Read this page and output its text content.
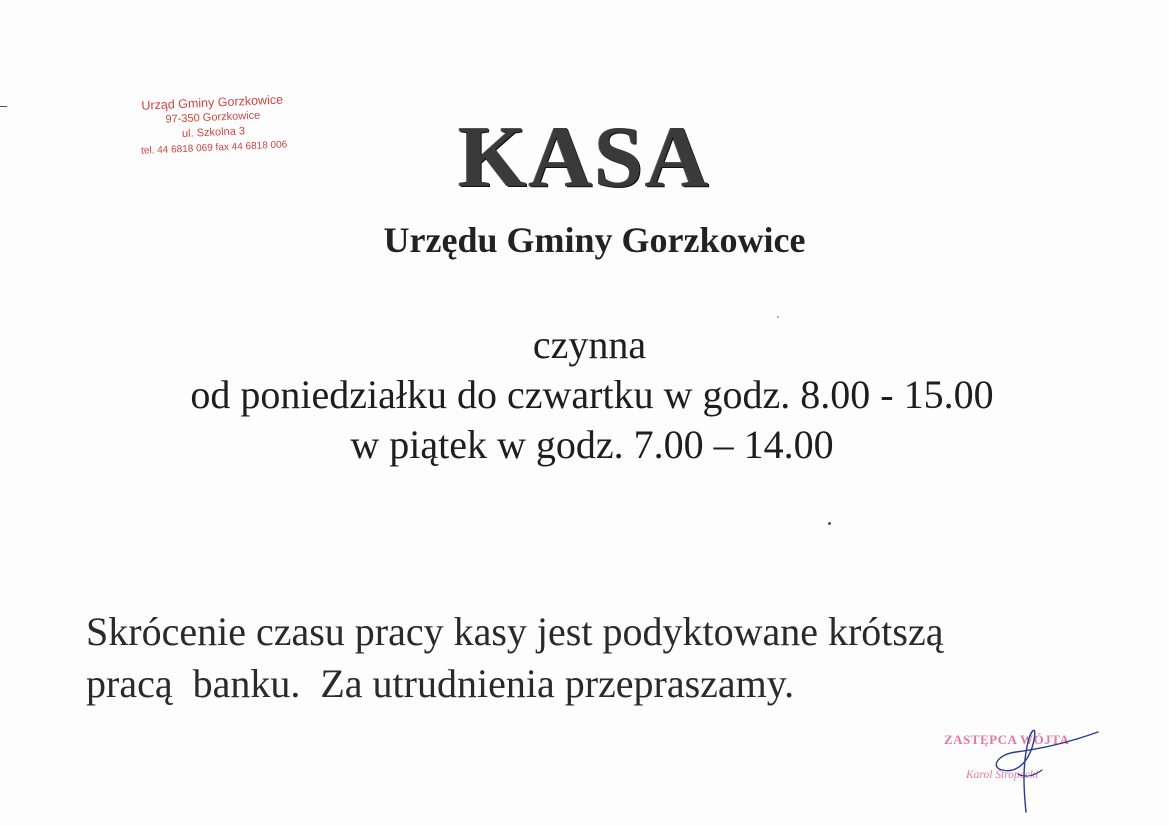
Urząd Gminy Gorzkowice
97-350 Gorzkowice
ul. Szkolna 3
tel. 44 6818 069 fax 44 6818 006	KASA
Urzędu Gminy Gorzkowice
czynna
od poniedziałku do czwartku w godz. 8.00 - 15.00
w piątek w godz. 7.00 – 14.00
Skrócenie czasu pracy kasy jest podyktowane krótszą
pracą  banku.  Za utrudnienia przepraszamy.
ZASTĘPCA WÓJTA
Karol Stropecki
